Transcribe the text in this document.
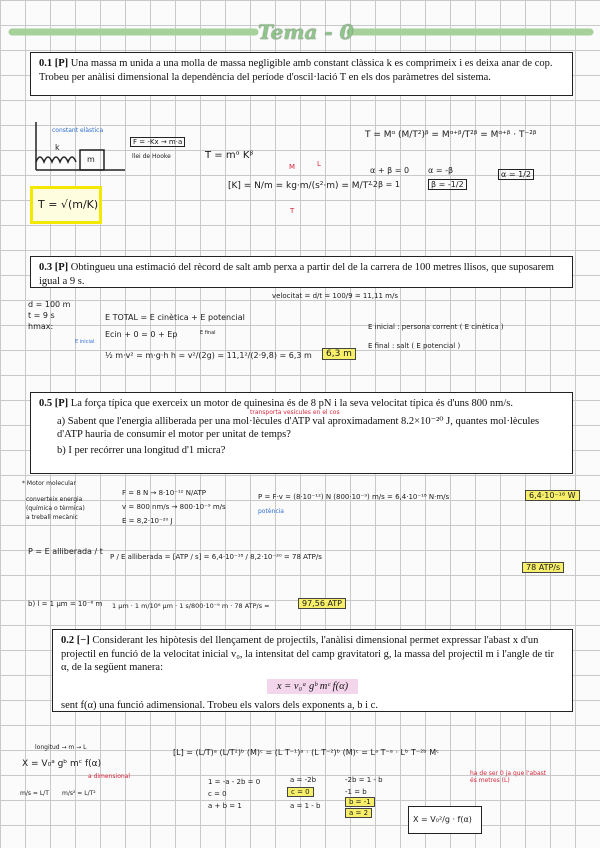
Tema - 0

0.1 [P] Una massa m unida a una molla de massa negligible amb constant clàssica k es comprimeix i es deixa anar de cop. Trobeu per anàlisi dimensional la dependència del període d'oscil·lació T en els dos paràmetres del sistema.

constant elàstica
k
m
F = -Kx → m·a
llei de Hooke
T = √(m/K)
T = mᵅ Kᵝ
[K] = N/m = kg·m/(s²·m) = M/T²
M	L
T
T = Mᵅ (M/T²)ᵝ = Mᵅ⁺ᵝ/T²ᵝ = Mᵅ⁺ᵝ · T⁻²ᵝ
α + β = 0
-2β = 1
α = -β
β = -1/2
α = 1/2

0.3 [P] Obtingueu una estimació del rècord de salt amb perxa a partir del de la carrera de 100 metres llisos, que suposarem igual a 9 s.

d = 100 m
t = 9 s
hmax:
velocitat = d/t = 100/9 = 11,11 m/s
E TOTAL = E cinètica + E potencial
Ecin + 0 = 0 + Ep
E inicial
E final
½ m·v² = m·g·h h = v²/(2g) = 11,1²/(2·9,8) = 6,3 m	6,3 m
E inicial : persona corrent ( E cinètica )
E final : salt ( E potencial )

0.5 [P] La força típica que exerceix un motor de quinesina és de 8 pN i la seva velocitat típica és d'uns 800 nm/s.

a) Sabent que l'energia alliberada per una mol·lècules d'ATP val aproximadament 8.2×10⁻²⁰ J, quantes mol·lècules d'ATP hauria de consumir el motor per unitat de temps?

b) I per recórrer una longitud d'1 micra?

transporta vesícules en el cos
* Motor molecular
converteix energia
(química o tèrmica)
a treball mecànic
F = 8 N → 8·10⁻¹² N/ATP
v = 800 nm/s → 800·10⁻⁹ m/s
E = 8,2·10⁻²⁰ J
P = F·v = (8·10⁻¹²) N (800·10⁻⁹) m/s = 6,4·10⁻¹⁸ N·m/s	6,4·10⁻¹⁸ W
potència
P = E alliberada / t
P / E alliberada = [ATP / s] = 6,4·10⁻¹⁸ / 8,2·10⁻²⁰ = 78 ATP/s
78 ATP/s
b) l = 1 μm = 10⁻⁶ m 1 μm · 1 m/10⁶ μm · 1 s/800·10⁻⁹ m · 78 ATP/s =	97,56 ATP

0.2 [−] Considerant les hipòtesis del llençament de projectils, l'anàlisi dimensional permet expressar l'abast x d'un projectil en funció de la velocitat inicial v₀, la intensitat del camp gravitatori g, la massa del projectil m i l'angle de tir α, de la següent manera:

x = v₀ᵃ gᵇ mᶜ f(α)

sent f(α) una funció adimensional. Trobeu els valors dels exponents a, b i c.

longitud → m → L
X = V₀ᵃ gᵇ mᶜ f(α)
a dimensional
m/s = L/T m/s² = L/T²
[L] = (L/T)ᵃ (L/T²)ᵇ (M)ᶜ = (L T⁻¹)ᵃ · (L T⁻²)ᵇ (M)ᶜ = Lᵃ T⁻ᵃ · Lᵇ T⁻²ᵇ Mᶜ
ha de ser 0 ja que l'abast és metres (L)
1 = -a - 2b = 0
c = 0
a + b = 1
c = 0
a = -2b
a = 1 - b
-2b = 1 - b
-1 = b
b = -1
a = 2
X = V₀²/g · f(α)
